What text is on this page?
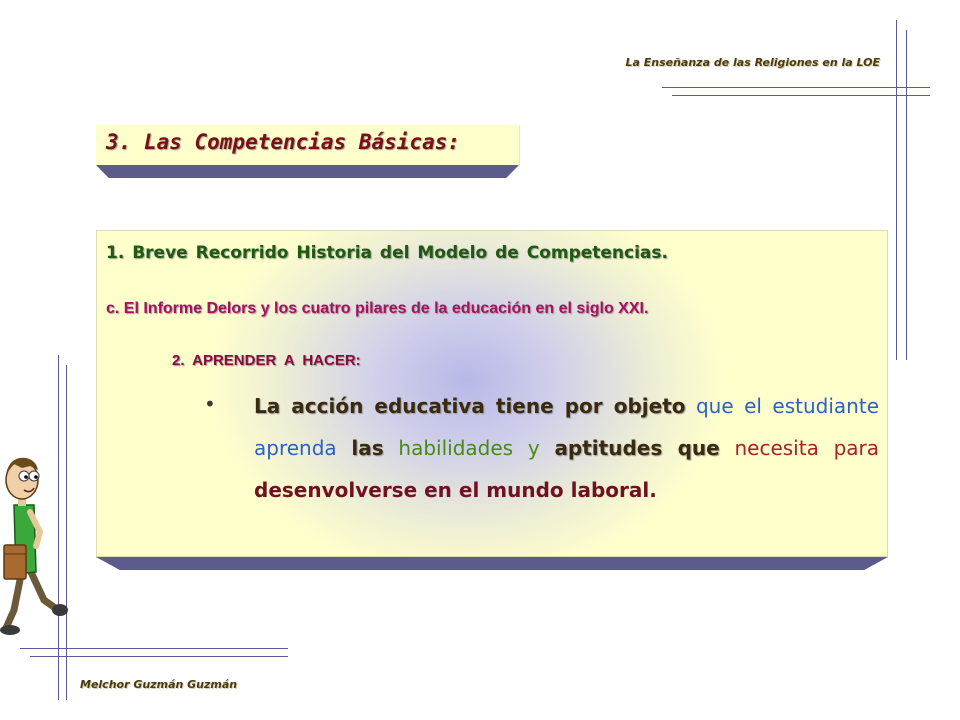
La Enseñanza de las Religiones en la LOE
3. Las Competencias Básicas:
1. Breve Recorrido Historia del Modelo de Competencias.
c. El Informe Delors y los cuatro pilares de la educación en el siglo XXI.
2. APRENDER A HACER:
• La acción educativa tiene por objeto que el estudiante aprenda las habilidades y aptitudes que necesita para desenvolverse en el mundo laboral.
Melchor Guzmán Guzmán
